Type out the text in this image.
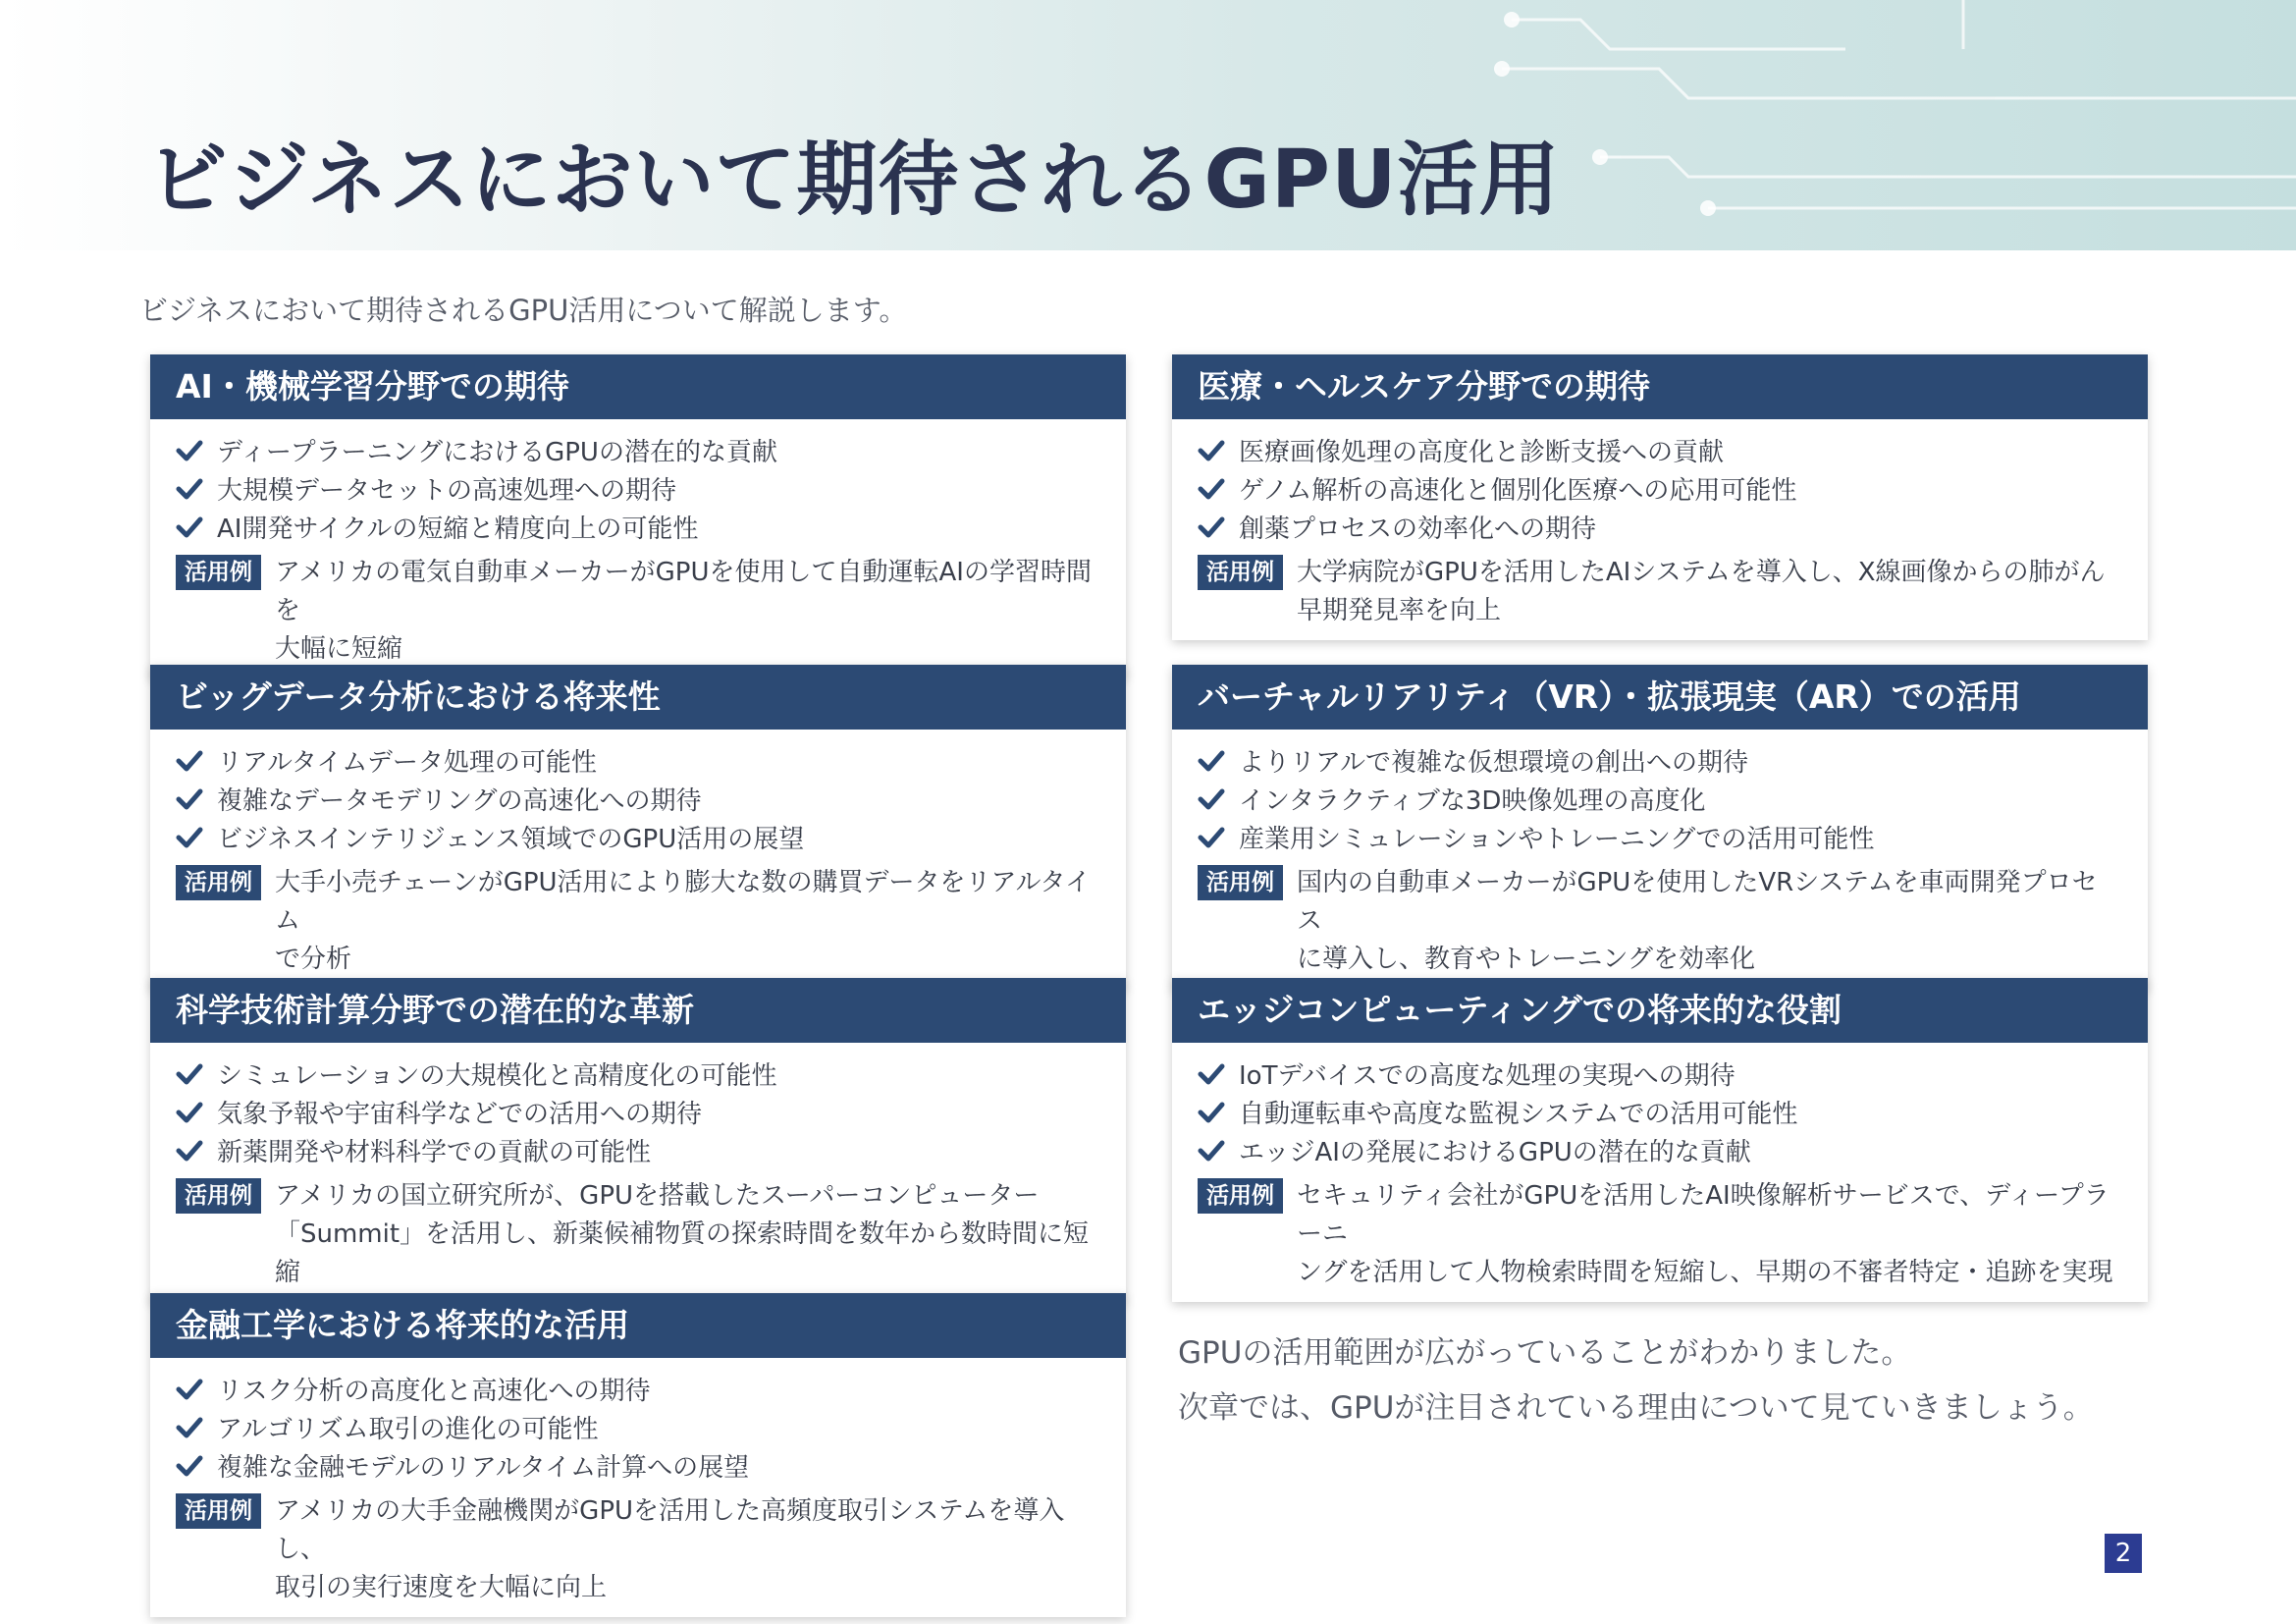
ビジネスにおいて期待されるGPU活用

ビジネスにおいて期待されるGPU活用について解説します。

AI・機械学習分野での期待
ディープラーニングにおけるGPUの潜在的な貢献
大規模データセットの高速処理への期待
AI開発サイクルの短縮と精度向上の可能性
活用例 アメリカの電気自動車メーカーがGPUを使用して自動運転AIの学習時間を
大幅に短縮
医療・ヘルスケア分野での期待
医療画像処理の高度化と診断支援への貢献
ゲノム解析の高速化と個別化医療への応用可能性
創薬プロセスの効率化への期待
活用例 大学病院がGPUを活用したAIシステムを導入し、X線画像からの肺がん
早期発見率を向上
ビッグデータ分析における将来性
リアルタイムデータ処理の可能性
複雑なデータモデリングの高速化への期待
ビジネスインテリジェンス領域でのGPU活用の展望
活用例 大手小売チェーンがGPU活用により膨大な数の購買データをリアルタイム
で分析
バーチャルリアリティ（VR）・拡張現実（AR）での活用
よりリアルで複雑な仮想環境の創出への期待
インタラクティブな3D映像処理の高度化
産業用シミュレーションやトレーニングでの活用可能性
活用例 国内の自動車メーカーがGPUを使用したVRシステムを車両開発プロセス
に導入し、教育やトレーニングを効率化
科学技術計算分野での潜在的な革新
シミュレーションの大規模化と高精度化の可能性
気象予報や宇宙科学などでの活用への期待
新薬開発や材料科学での貢献の可能性
活用例 アメリカの国立研究所が、GPUを搭載したスーパーコンピューター
「Summit」を活用し、新薬候補物質の探索時間を数年から数時間に短縮
エッジコンピューティングでの将来的な役割
IoTデバイスでの高度な処理の実現への期待
自動運転車や高度な監視システムでの活用可能性
エッジAIの発展におけるGPUの潜在的な貢献
活用例 セキュリティ会社がGPUを活用したAI映像解析サービスで、ディープラーニ
ングを活用して人物検索時間を短縮し、早期の不審者特定・追跡を実現
金融工学における将来的な活用
リスク分析の高度化と高速化への期待
アルゴリズム取引の進化の可能性
複雑な金融モデルのリアルタイム計算への展望
活用例 アメリカの大手金融機関がGPUを活用した高頻度取引システムを導入し、
取引の実行速度を大幅に向上

GPUの活用範囲が広がっていることがわかりました。

次章では、GPUが注目されている理由について見ていきましょう。

2
